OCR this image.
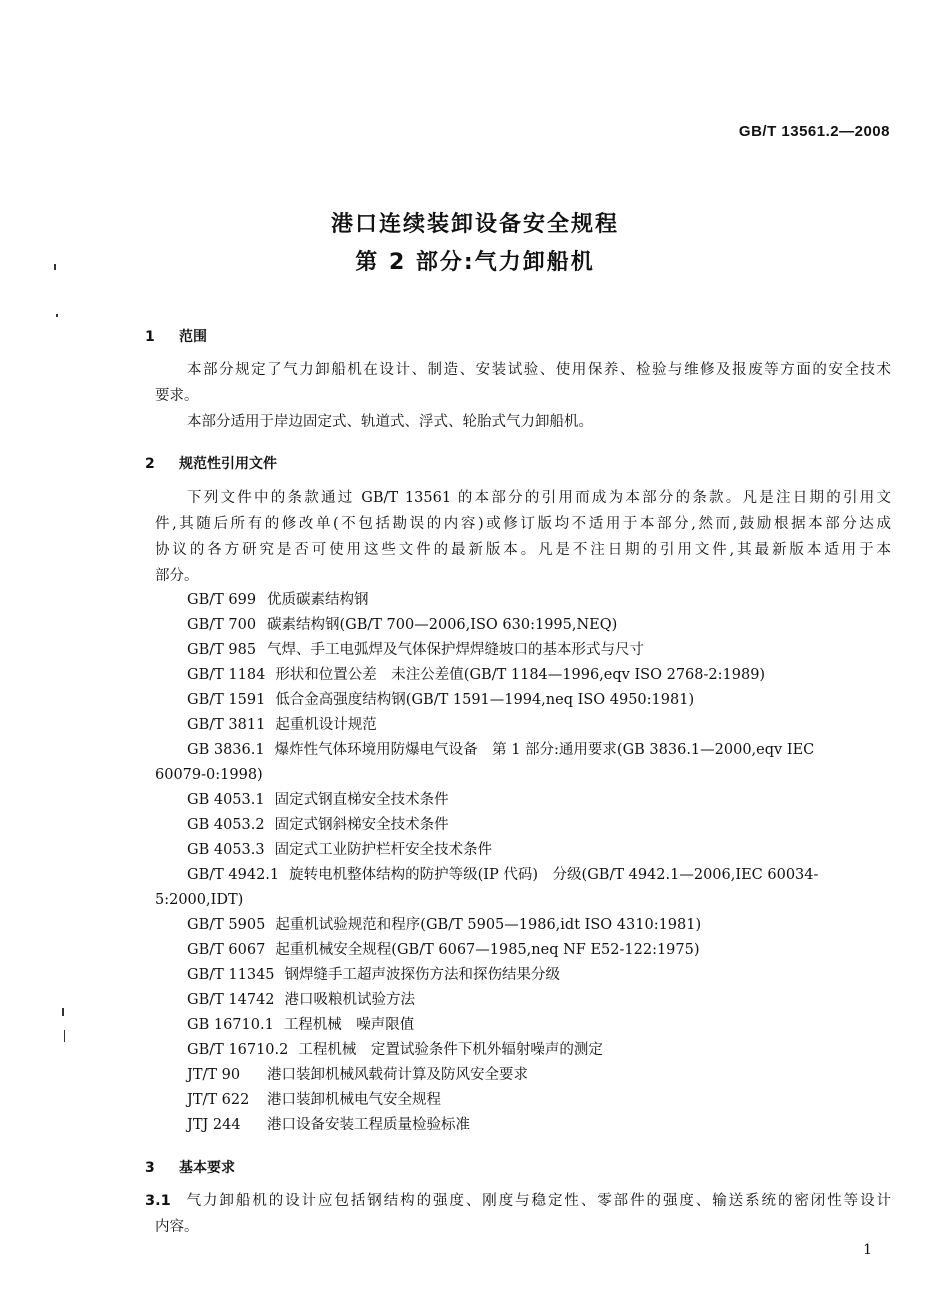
GB/T 13561.2—2008
港口连续装卸设备安全规程
第 2 部分:气力卸船机
1 范围
本部分规定了气力卸船机在设计、制造、安装试验、使用保养、检验与维修及报废等方面的安全技术
要求。
本部分适用于岸边固定式、轨道式、浮式、轮胎式气力卸船机。
2 规范性引用文件
下列文件中的条款通过 GB/T 13561 的本部分的引用而成为本部分的条款。凡是注日期的引用文
件,其随后所有的修改单(不包括勘误的内容)或修订版均不适用于本部分,然而,鼓励根据本部分达成
协议的各方研究是否可使用这些文件的最新版本。凡是不注日期的引用文件,其最新版本适用于本
部分。
GB/T 699 优质碳素结构钢
GB/T 700 碳素结构钢(GB/T 700—2006,ISO 630:1995,NEQ)
GB/T 985 气焊、手工电弧焊及气体保护焊焊缝坡口的基本形式与尺寸
GB/T 1184 形状和位置公差　未注公差值(GB/T 1184—1996,eqv ISO 2768-2:1989)
GB/T 1591 低合金高强度结构钢(GB/T 1591—1994,neq ISO 4950:1981)
GB/T 3811 起重机设计规范
GB 3836.1 爆炸性气体环境用防爆电气设备　第 1 部分:通用要求(GB 3836.1—2000,eqv IEC
60079-0:1998)
GB 4053.1 固定式钢直梯安全技术条件
GB 4053.2 固定式钢斜梯安全技术条件
GB 4053.3 固定式工业防护栏杆安全技术条件
GB/T 4942.1 旋转电机整体结构的防护等级(IP 代码)　分级(GB/T 4942.1—2006,IEC 60034-
5:2000,IDT)
GB/T 5905 起重机试验规范和程序(GB/T 5905—1986,idt ISO 4310:1981)
GB/T 6067 起重机械安全规程(GB/T 6067—1985,neq NF E52-122:1975)
GB/T 11345 钢焊缝手工超声波探伤方法和探伤结果分级
GB/T 14742 港口吸粮机试验方法
GB 16710.1 工程机械　噪声限值
GB/T 16710.2 工程机械　定置试验条件下机外辐射噪声的测定
JT/T 90 港口装卸机械风载荷计算及防风安全要求
JT/T 622 港口装卸机械电气安全规程
JTJ 244 港口设备安装工程质量检验标准
3 基本要求
3.1 气力卸船机的设计应包括钢结构的强度、刚度与稳定性、零部件的强度、输送系统的密闭性等设计
内容。
1
